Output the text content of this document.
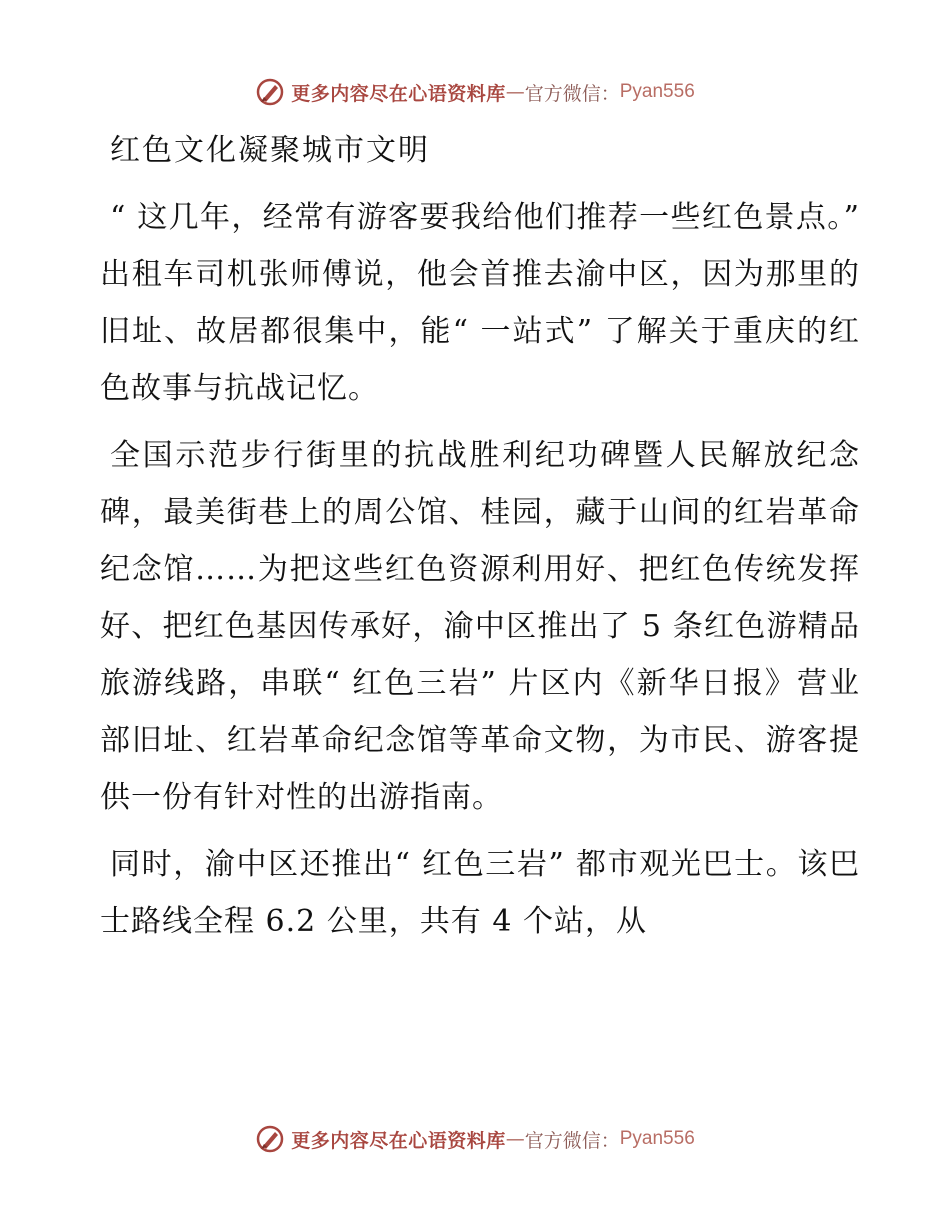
更多内容尽在心语资料库 — 官方微信： Pyan556

红色文化凝聚城市文明

“ 这几年，经常有游客要我给他们推荐一些红色景点。” 出租车司机张师傅说，他会首推去渝中区，因为那里的旧址、故居都很集中，能“ 一站式” 了解关于重庆的红色故事与抗战记忆。

全国示范步行街里的抗战胜利纪功碑暨人民解放纪念碑，最美街巷上的周公馆、桂园，藏于山间的红岩革命纪念馆……为把这些红色资源利用好、把红色传统发挥好、把红色基因传承好，渝中区推出了 5 条红色游精品旅游线路，串联“ 红色三岩” 片区内《新华日报》营业部旧址、红岩革命纪念馆等革命文物，为市民、游客提供一份有针对性的出游指南。

同时，渝中区还推出“ 红色三岩” 都市观光巴士。该巴士路线全程 6.2 公里，共有 4 个站，从

更多内容尽在心语资料库 — 官方微信： Pyan556
